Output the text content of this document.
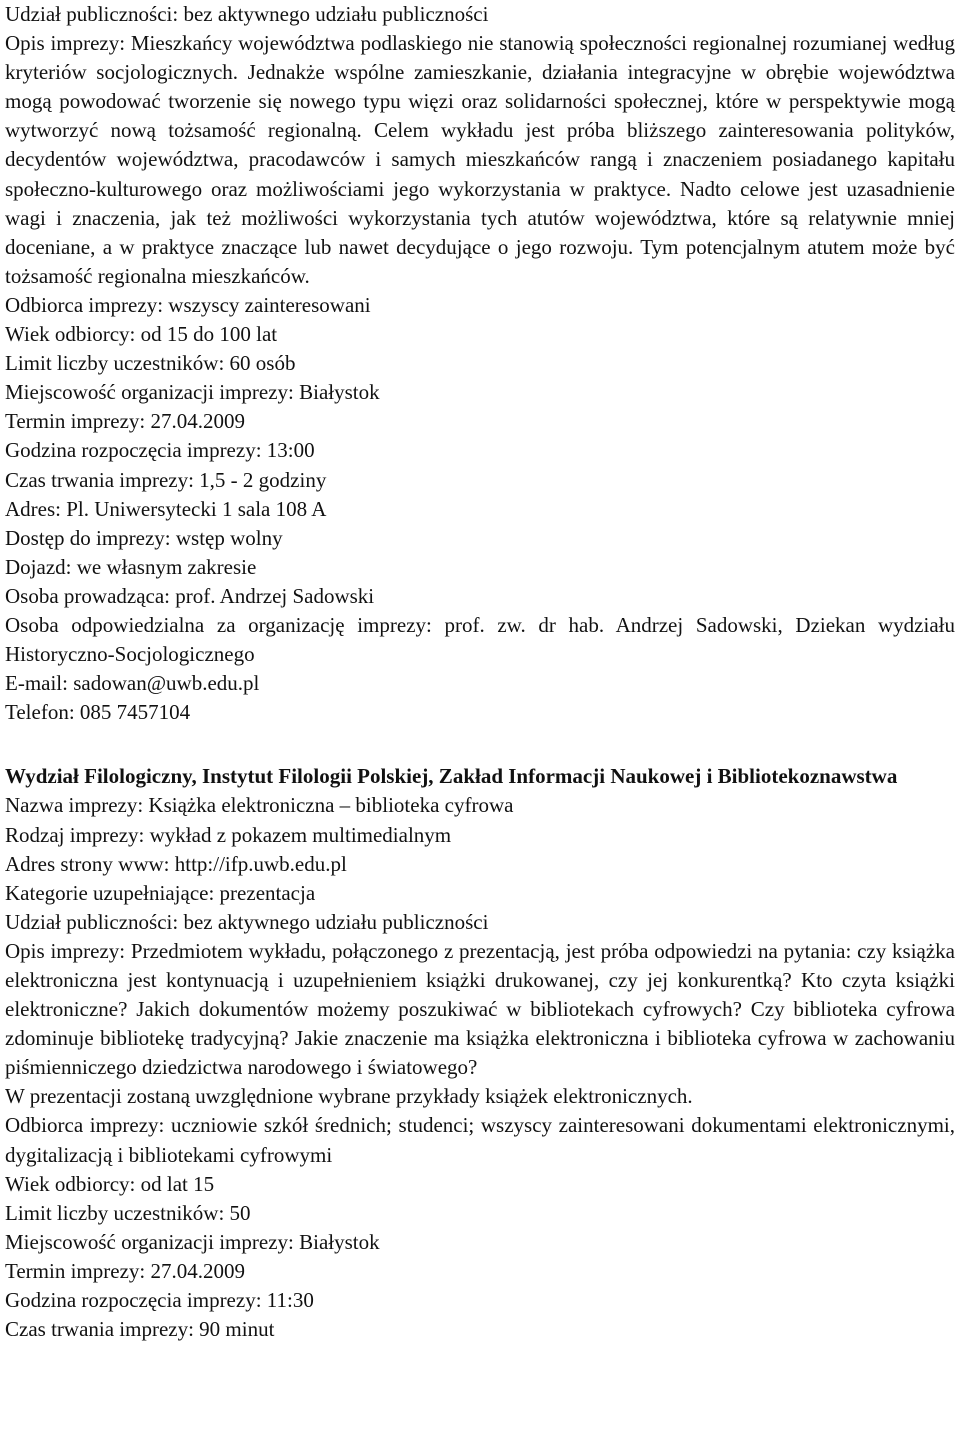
Udział publiczności: bez aktywnego udziału publiczności
Opis imprezy: Mieszkańcy województwa podlaskiego nie stanowią społeczności regionalnej rozumianej według kryteriów socjologicznych. Jednakże wspólne zamieszkanie, działania integracyjne w obrębie województwa mogą powodować tworzenie się nowego typu więzi oraz solidarności społecznej, które w perspektywie mogą wytworzyć nową tożsamość regionalną. Celem wykładu jest próba bliższego zainteresowania polityków, decydentów województwa, pracodawców i samych mieszkańców rangą i znaczeniem posiadanego kapitału społeczno-kulturowego oraz możliwościami jego wykorzystania w praktyce. Nadto celowe jest uzasadnienie wagi i znaczenia, jak też możliwości wykorzystania tych atutów województwa, które są relatywnie mniej doceniane, a w praktyce znaczące lub nawet decydujące o jego rozwoju. Tym potencjalnym atutem może być tożsamość regionalna mieszkańców.
Odbiorca imprezy: wszyscy zainteresowani
Wiek odbiorcy: od 15 do 100 lat
Limit liczby uczestników: 60 osób
Miejscowość organizacji imprezy: Białystok
Termin imprezy: 27.04.2009
Godzina rozpoczęcia imprezy: 13:00
Czas trwania imprezy: 1,5 - 2 godziny
Adres: Pl. Uniwersytecki 1 sala 108 A
Dostęp do imprezy: wstęp wolny
Dojazd: we własnym zakresie
Osoba prowadząca: prof. Andrzej Sadowski
Osoba odpowiedzialna za organizację imprezy: prof. zw. dr hab. Andrzej Sadowski, Dziekan wydziału Historyczno-Socjologicznego
E-mail: sadowan@uwb.edu.pl
Telefon: 085 7457104
Wydział Filologiczny, Instytut Filologii Polskiej, Zakład Informacji Naukowej i Bibliotekoznawstwa
Nazwa imprezy: Książka elektroniczna – biblioteka cyfrowa
Rodzaj imprezy: wykład z pokazem multimedialnym
Adres strony www: http://ifp.uwb.edu.pl
Kategorie uzupełniające: prezentacja
Udział publiczności: bez aktywnego udziału publiczności
Opis imprezy: Przedmiotem wykładu, połączonego z prezentacją, jest próba odpowiedzi na pytania: czy książka elektroniczna jest kontynuacją i uzupełnieniem książki drukowanej, czy jej konkurentką? Kto czyta książki elektroniczne? Jakich dokumentów możemy poszukiwać w bibliotekach cyfrowych? Czy biblioteka cyfrowa zdominuje bibliotekę tradycyjną? Jakie znaczenie ma książka elektroniczna i biblioteka cyfrowa w zachowaniu piśmienniczego dziedzictwa narodowego i światowego?
W prezentacji zostaną uwzględnione wybrane przykłady książek elektronicznych.
Odbiorca imprezy: uczniowie szkół średnich; studenci; wszyscy zainteresowani dokumentami elektronicznymi, dygitalizacją i bibliotekami cyfrowymi
Wiek odbiorcy: od lat 15
Limit liczby uczestników: 50
Miejscowość organizacji imprezy: Białystok
Termin imprezy: 27.04.2009
Godzina rozpoczęcia imprezy: 11:30
Czas trwania imprezy: 90 minut
